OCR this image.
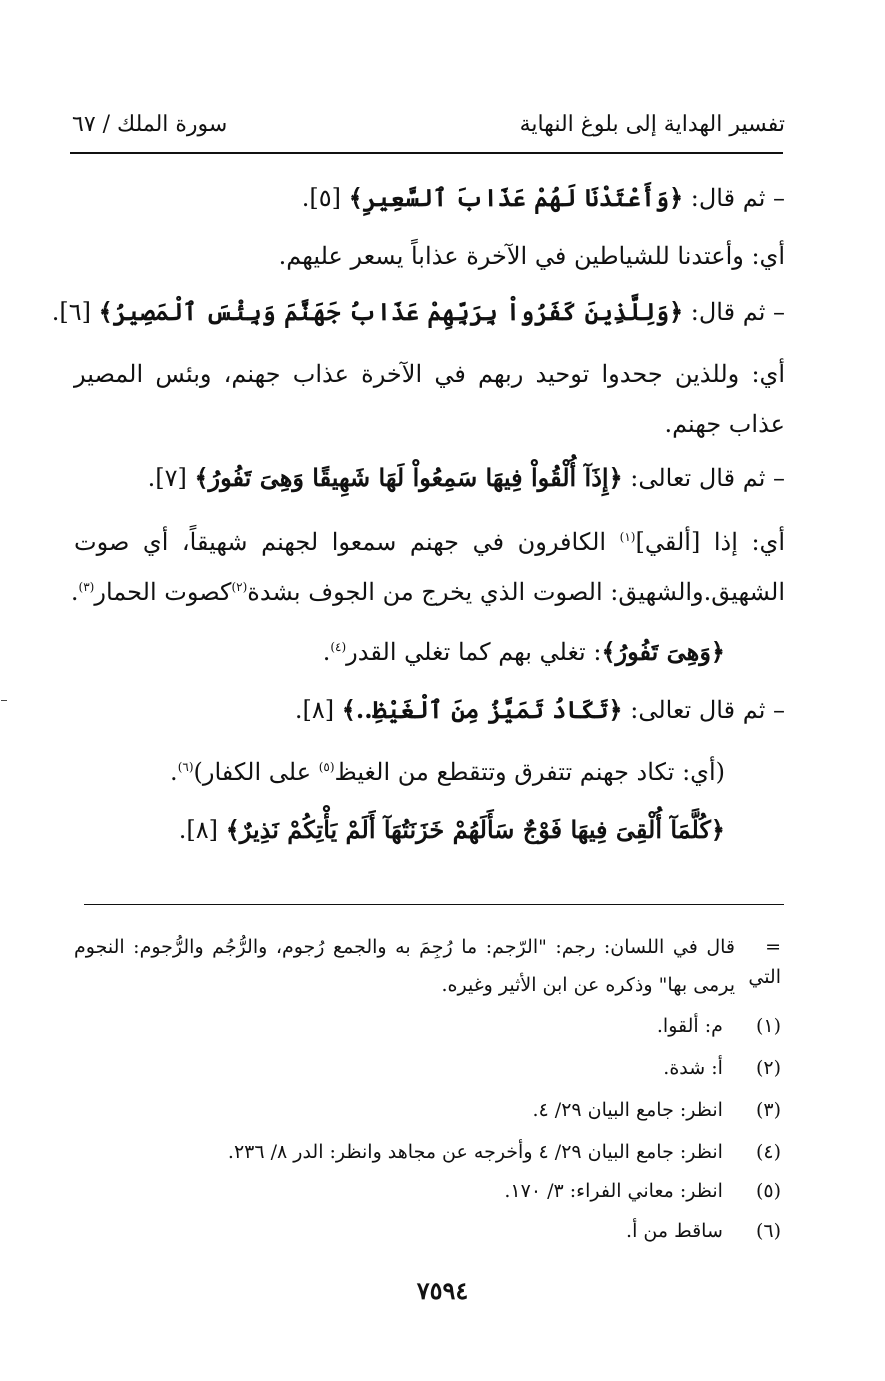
تفسير الهداية إلى بلوغ النهاية
سورة الملك / ٦٧
– ثم قال: ﴿وَأَعْتَدْنَا لَهُمْ عَذَابَ ٱلسَّعِيرِ﴾ [٥].
أي: وأعتدنا للشياطين في الآخرة عذاباً يسعر عليهم.
– ثم قال: ﴿وَلِلَّذِينَ كَفَرُواْ بِرَبِّهِمْ عَذَابُ جَهَنَّمَ وَبِئْسَ ٱلْمَصِيرُ﴾ [٦].
أي: وللذين جحدوا توحيد ربهم في الآخرة عذاب جهنم، وبئس المصير
عذاب جهنم.
– ثم قال تعالى: ﴿إِذَآ أُلْقُواْ فِيهَا سَمِعُواْ لَهَا شَهِيقًا وَهِىَ تَفُورُ﴾ [٧].
أي: إذا [ألقي]$^{(١)}$ الكافرون في جهنم سمعوا لجهنم شهيقاً، أي صوت
الشهيق.والشهيق: الصوت الذي يخرج من الجوف بشدة$^{(٢)}$كصوت الحمار$^{(٣)}$.
﴿وَهِىَ تَفُورُ﴾: تغلي بهم كما تغلي القدر$^{(٤)}$.
– ثم قال تعالى: ﴿تَكَادُ تَمَيَّزُ مِنَ ٱلْغَيْظِ..﴾ [٨].
(أي: تكاد جهنم تتفرق وتتقطع من الغيظ$^{(٥)}$ على الكفار)$^{(٦)}$.
﴿كُلَّمَآ أُلْقِىَ فِيهَا فَوْجٌ سَأَلَهُمْ خَزَنَتُهَآ أَلَمْ يَأْتِكُمْ نَذِيرٌ﴾ [٨].
=قال في اللسان: رجم: "الرّجم: ما رُجِمَ به والجمع رُجوم، والرُّجُم والرُّجوم: النجوم التي
يرمى بها" وذكره عن ابن الأثير وغيره.
(١)  م: ألقوا.
(٢)  أ: شدة.
(٣)  انظر: جامع البيان ٢٩/ ٤.
(٤)  انظر: جامع البيان ٢٩/ ٤ وأخرجه عن مجاهد وانظر: الدر ٨/ ٢٣٦.
(٥)  انظر: معاني الفراء: ٣/ ١٧٠.
(٦)  ساقط من أ.
٧٥٩٤
